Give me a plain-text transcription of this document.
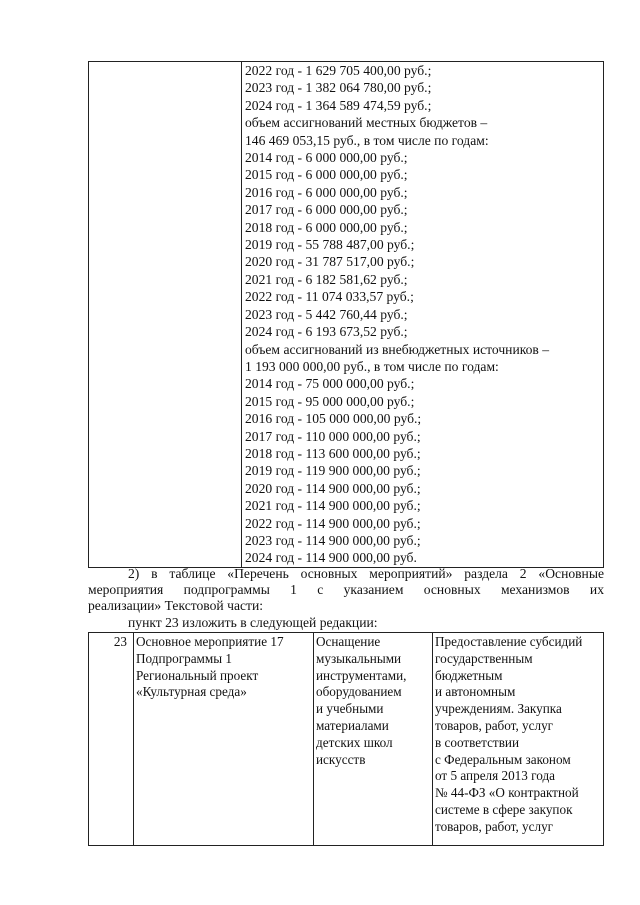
2022 год - 1 629 705 400,00 руб.;
2023 год - 1 382 064 780,00 руб.;
2024 год - 1 364 589 474,59 руб.;
объем ассигнований местных бюджетов –
146 469 053,15 руб., в том числе по годам:
2014 год - 6 000 000,00 руб.;
2015 год - 6 000 000,00 руб.;
2016 год - 6 000 000,00 руб.;
2017 год - 6 000 000,00 руб.;
2018 год - 6 000 000,00 руб.;
2019 год - 55 788 487,00 руб.;
2020 год - 31 787 517,00 руб.;
2021 год - 6 182 581,62 руб.;
2022 год - 11 074 033,57 руб.;
2023 год - 5 442 760,44 руб.;
2024 год - 6 193 673,52 руб.;
объем ассигнований из внебюджетных источников –
1 193 000 000,00 руб., в том числе по годам:
2014 год - 75 000 000,00 руб.;
2015 год - 95 000 000,00 руб.;
2016 год - 105 000 000,00 руб.;
2017 год - 110 000 000,00 руб.;
2018 год - 113 600 000,00 руб.;
2019 год - 119 900 000,00 руб.;
2020 год - 114 900 000,00 руб.;
2021 год - 114 900 000,00 руб.;
2022 год - 114 900 000,00 руб.;
2023 год - 114 900 000,00 руб.;
2024 год - 114 900 000,00 руб.
2) в таблице «Перечень основных мероприятий» раздела 2 «Основные
мероприятия подпрограммы 1 с указанием основных механизмов их
реализации» Текстовой части:
пункт 23 изложить в следующей редакции:
23	Основное мероприятие 17
Подпрограммы 1
Региональный проект
«Культурная среда»

Оснащение
музыкальными
инструментами,
оборудованием
и учебными
материалами
детских школ
искусств

Предоставление субсидий
государственным
бюджетным
и автономным
учреждениям. Закупка
товаров, работ, услуг
в соответствии
с Федеральным законом
от 5 апреля 2013 года
№ 44-ФЗ «О контрактной
системе в сфере закупок
товаров, работ, услуг
